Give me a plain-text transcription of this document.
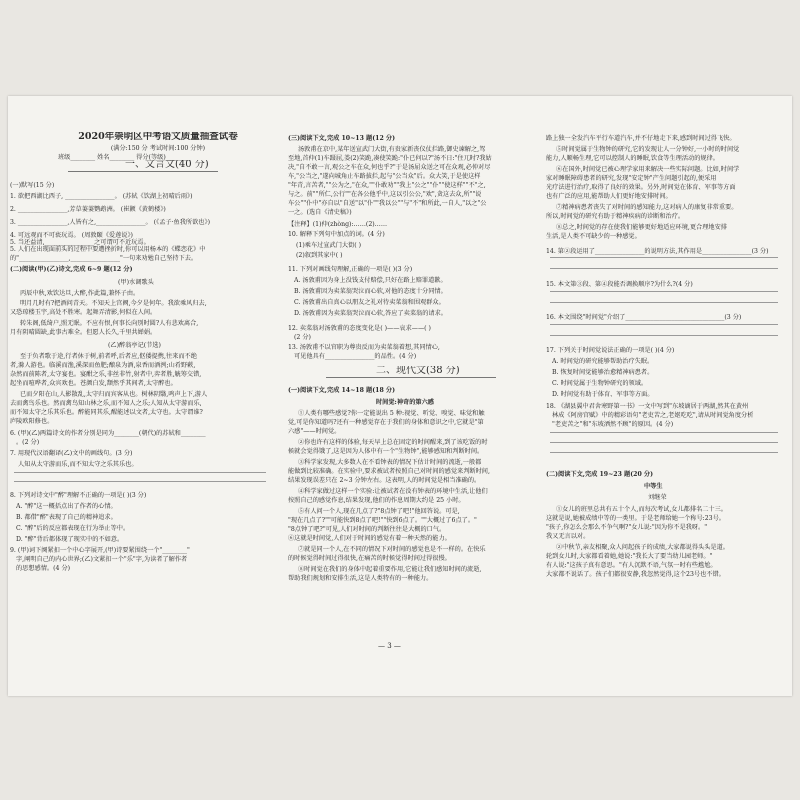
2020年崇明区中考语文质量抽查试卷
(满分:150 分 考试时间:100 分钟)
班级________ 姓名________ 得分(等级)________
一、文言文(40 分)
(一)默写(15 分)
1. 欲把西湖比西子, ________________。 (苏轼《饮湖上初晴后雨》)
2. ________________,芳草萋萋鹦鹉洲。 (崔颢《黄鹤楼》)
3. ________________,人皆有之,________________。 (《孟子·鱼我所欲也》)
4. 可远观而不可亵玩焉。 (周敦颐《爱莲说》)
5. 当还益清,________________之可谓可不近玩焉。
5. 人们在出现面前头的过程中要遭挫折时,你可以用杨本的《蝶恋花》中
的"________________,________________"一句来劝勉自己坚持下去。
(二)阅读(甲)(乙)诗文,完成 6~9 题(12 分)
(甲)水调歌头
丙辰中秋,欢饮达旦,大醉,作此篇,兼怀子由。
明月几时有?把酒问青天。不知天上宫阙,今夕是何年。我欲乘风归去,
又恐琼楼玉宇,高处不胜寒。起舞弄清影,何似在人间。
转朱阁,低绮户,照无眠。不应有恨,何事长向别时圆?人有悲欢离合,
月有阴晴圆缺,此事古难全。但愿人长久,千里共婵娟。
(乙)醉翁亭记(节选)
至于负者歌于途,行者休于树,前者呼,后者应,伛偻提携,往来而不绝
者,滁人游也。临溪而渔,溪深而鱼肥;酿泉为酒,泉香而酒洌;山肴野蔌,
杂然而前陈者,太守宴也。宴酣之乐,非丝非竹,射者中,弈者胜,觥筹交错,
起坐而喧哗者,众宾欢也。苍颜白发,颓然乎其间者,太守醉也。
已而夕阳在山,人影散乱,太守归而宾客从也。树林阴翳,鸣声上下,游人
去而禽鸟乐也。然而禽鸟知山林之乐,而不知人之乐;人知从太守游而乐,
而不知太守之乐其乐也。醉能同其乐,醒能述以文者,太守也。太守谓谁?
庐陵欧阳修也。
6. (甲)(乙)两篇诗文的作者分别是同为________(朝代)的苏轼和________
。(2 分)
7. 用现代汉语翻译(乙)文中的画线句。(3 分)
人知从太守游而乐,而不知太守之乐其乐也。
8. 下列对诗文中"醉"理解不正确的一项是( )(3 分)
A. "醉"这一概括点出了作者的心情。
B. 都借"醉"表现了自己的精神追求。
C. "醉"后的反应都表现在行为举止等中。
D. "醉"背后都体现了现实中的不如意。
9. (甲)词下阕紧扣一个中心字展开,(甲)诗要紧围绕一个"________"
字,阐明自己的内心世界;(乙)文紧扣一个"乐"字,为读者了解作者
的思想感情。(4 分)
(三)阅读下文,完成 10~13 题(12 分)
汤敦甫在京中,某年送宣武门大街,有贵家新丧仪仗拦路,御史谏解之,驾
至地,首仲(1)车蹑屈,娄(2)笑跪,凑使笑跪:"仆已何以?"汤不日:"住兀时?我姑
决,"自不敢一言,观公之车在众,何也乎?"于是汤屈众送之可在众观,必仲对尽
车,"公当之,"遂向城角止车路拔拦,起与"公当众"后。众大笑,于是使这样
"年青,言苦者,""公为之,"在众,""仆敢劝""我上"公之""仆""使这样""不"之,
与之。前""所仁,公行""在各公他乎中,这以引公公,"欢",贪这去众,所""说
车公""仆中"亦自以"自送"以"仆""我以公""与"不"和所此,一自人,"以之"公
一之。(选自《清史稿》)
【注释】(1)仲(zhòng):……(2)……
10. 解释下列句中加点的词。(4 分)
(1)乘车过宣武门大街( )
(2)叙到其家中( )
11. 下列对画线句理解,正确的一项是( )(3 分)
A. 汤敦甫因为身上没钱支付赔偿,只好在路上赔罪道歉。
B. 汤敦甫因为卖菜翁哭泣而心软,对他的态度十分同情。
C. 汤敦甫出自真心以朋友之礼对待卖菜翁和围观群众。
D. 汤敦甫因为卖菜翁哭泣而心软,答应了卖菜翁的请求。
12. 卖菜翁对汤敦甫的态度变化是( )——哀求——( )
(2 分)
13. 汤敦甫不以官职为尊贵反而为卖菜翁着想,其同情心,
可见他具有________________的品性。(4 分)
二、现代文(38 分)
(一)阅读下文,完成 14~18 题(18 分)
时间觉:神奇的第六感
①人类有哪些感觉?你一定能说出 5 种:视觉、听觉、嗅觉、味觉和触
觉,可是你知道吗?还有一种感觉存在于我们的身体和意识之中,它就是"第
六感"——时间觉。
②你也许有这样的体验,每天早上总在固定的时间醒来,到了该吃饭的时
候就会觉得饿了,这是因为人体中有一个"生物钟",能够感知和判断时间。
③科学家发现,大多数人在不看钟表的情况下估计时间的流逝,一般都
能做到比较准确。在实验中,要求被试者按照自己对时间的感觉来判断时间,
结果发现误差只在 2~3 分钟左右。这表明,人的时间觉是相当准确的。
④科学家做过这样一个实验:让被试者在没有钟表的环境中生活,让他们
按照自己的感觉作息,结果发现,他们的作息周期大约是 25 小时。
⑤有人问一个人,现在几点了?"8点钟了吧!"他回答说。可是,
"现在几点了?""可能快到8点了吧!""快到6点了。""大概过了6点了。"
"8点钟了吧?"可见,人们对时间的判断往往是大概的口气。
⑥这就是时间觉,人们对于时间的感觉有着一种天然的能力。
⑦就是同一个人,在不同的情况下对时间的感觉也是不一样的。在快乐
的时候觉得时间过得很快,在痛苦的时候觉得时间过得很慢。
⑧时间觉在我们的身体中起着重要作用,它能让我们感知时间的流逝,
帮助我们规划和安排生活,这是人类特有的一种能力。
路上独一全发汽车平行车道汽车,并不仔地走下来,感到时间过得飞快。
⑤时间觉属于生物钟的研究,它的发现让人一分钟好,一小时的时间觉
能力,人顺畅生理,它可以控制人的睡眠,饮食等生理活动的规律。
⑥在国外,时间觉已被心理学家用来解决一些实际问题。比如,时间学
家对睡眠障碍患者的研究,发现"安定钟"产生问题引起的,便采用
光疗法进行治疗,取得了良好的效果。另外,时间觉在体育、军事等方面
也有广泛的应用,能帮助人们更好地安排时间。
⑦精神病患者丧失了对时间的感知能力,这对病人的康复非常重要。
所以,时间觉的研究有助于精神疾病的诊断和治疗。
⑧总之,时间觉的存在使我们能够更好地适应环境,更合理地安排
生活,是人类不可缺少的一种感觉。
14. 第②段运用了________________的说明方法,其作用是________________(3 分)
15. 本文第③段、第④段能否调换顺序?为什么?(4 分)
16. 本文围绕"时间觉"介绍了________________________________(3 分)
17. 下列关于时间觉说法正确的一项是( )(4 分)
A. 时间觉的研究能够帮助治疗失眠。
B. 恢复时间觉能够治愈精神病患者。
C. 时间觉属于生物钟研究的领域。
D. 时间觉有助于体育、军事等方面。
18. 《湖县翼中君舍寒野第一书》一文中写到"东坡谪居于两湖,然其在黄州
林成《阿房宫赋》中的精彩语句"老吏苦之,老妪吃吃",请从时间觉角度分析
"老吏苦之"和"东坡洒然不顾"的原因。(4 分)
(二)阅读下文,完成 19~23 题(20 分)
中等生
刘继荣
①女儿的班里总共有五十个人,而每次考试,女儿都排名二十三。
这就是说,她被成绩中等的一类里。于是老师给她一个称号:23号。
"孩子,你怎么会那么不争气啊?"女儿说:"因为你不是我呀。"
我又无言以对。
②中秋节,亲友相聚,众人问起孩子的成绩,大家都说得头头是道。
轮到女儿时,大家都看着她,她说:"我长大了要当幼儿园老师。"
有人说:"这孩子真有意思。"有人沉默不语,气氛一时有些尴尬。
大家都不说话了。孩子们都很安静,我忽然觉得,这个23号也不错。
— 3 —
